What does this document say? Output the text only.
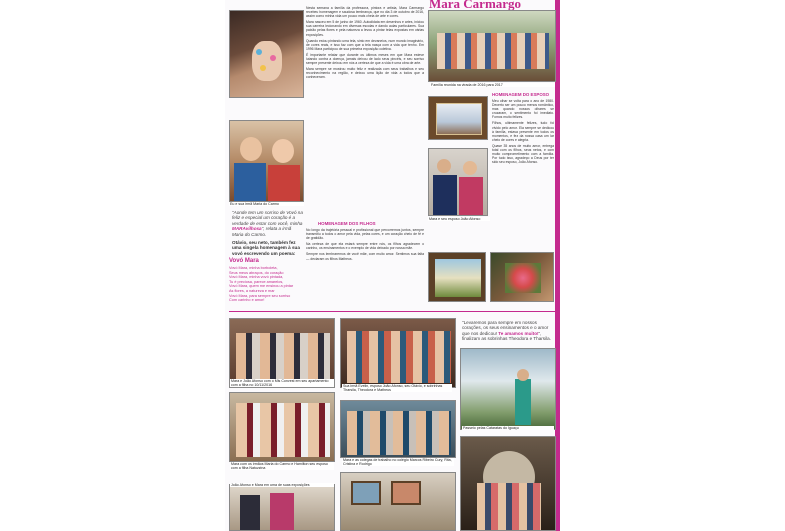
Mara Carmargo
Eu e sua irmã Maria do Carmo
"Aonde tem um sorriso de Vovó na feliz e especial um coração é a verdade de estar com você, minha MARAvilhosa", relata a irmã Maria do Carmo.
Otávio, seu neto, também fez uma singela homenagem à sua vovó escrevendo um poema:
Vovó Mara
Vovó Mara, minha borboleta,
Seus meus abraços, do coração
Vovó Mara, minha vovó pintada,
Tu é preciosa, parece amarelos,
Vovó Mara, quem me ensinou a pintar
As flores, a natureza e mar
Vovó Mara, para sempre seu sorriso
Com carinho e amor!

Nesta semana a família da professora, pintora e artista, Mara Carmargo recebeu homenagem e saudosa lembrança, que no dia 3 de outubro de 2016, assim como minha vida um pouco mais cheia de arte e cores.

Mara nasceu em 5 de junho de 1960. Autodidata em desenhos e artes, iniciou sua carreira lecionando em diversas escolas e dando aulas particulares. Sua paixão pelas flores e pela natureza a levou a pintar telas expostas em várias exposições.

Quando estou pintando uma tela, sinto em devaneios, num mundo imaginário, de cores reais, e isso faz com que a tela nasça com a vida que tenho. Em 1996 Mara participou de sua primeira exposição coletiva.

É importante relatar que durante os últimos meses em que Mara esteve lutando contra a doença, jamais deixou de lado seus pincéis, e seu sorriso sempre presente deixou em nós a certeza de que a vida é uma obra de arte.

Mara sempre se mostrou muito feliz e realizada com seus trabalhos e seu reconhecimento na região, e deixou uma lição de vida a todos que a conheceram.

HOMENAGEM DOS FILHOS

No longo da trajetória pessoal e profissional que percorremos juntos, sempre transmitiu a todos o amor pela vida, pelas cores, e um coração cheio de fé e de gratidão.

Na certeza de que ela estará sempre entre nós, os filhos agradecem o carinho, os ensinamentos e o exemplo de vida deixado por nossa mãe.

Sempre nos lembraremos de você mãe, com muito amor. Sentimos sua falta — declaram os filhos Matheus.

Família reunida na virada de 2016 para 2017
HOMENAGEM DO ESPOSO
Mara e seu esposo João Afonso

Meu olhar se volta para o ano de 1980. Decerto ser um pouco menos romântico, mas quando nossos olhares se cruzaram, o sentimento foi imediato. Fomos muito felizes.

Filhos, ultimamente felizes, tudo foi vivido pelo amor. Ela sempre se dedicou à família, estava presente em todos os momentos, e fez da nossa casa um lar cheio de cores e alegria.

Quase 35 anos de muito amor, entrega total com os filhos, seus netos, e com muito comprometimento com a família. Por tudo isso, agradeço a Deus por ter sido seu esposo, João Afonso.

Mara e João Afonso com o Mis Convest em seu apartamento com a filha no 10/11/2016	Sua irmã Evelin, esposo João Afonso, seu Otávio, e sobrinhas Tharsila, Theodora e Matheus
"Levaremos para sempre em nossos corações, os seus ensinamentos e o amor que nos dedicou! Te amamos muito!", finalizam as sobrinhas Theodora e Tharsila.
Passeio pelas Cataratas do Iguaçu
Mara com os irmãos Maria do Carmo e Hamilton seu esposo com a filha Natuzzina
Mara e as colegas de trabalho no colégio Marcos Ribeiro Cury, Rita, Cristina e Rodrigo
João Afonso e Mara em uma de suas exposições
